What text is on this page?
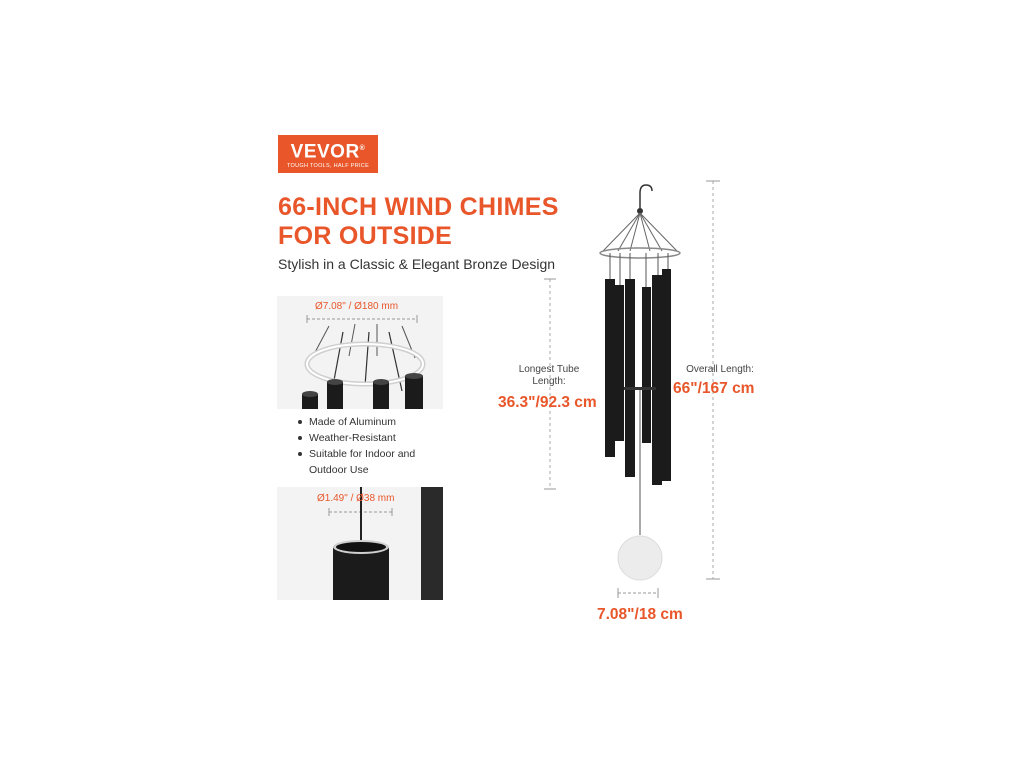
VEVOR®
TOUGH TOOLS, HALF PRICE
66-INCH WIND CHIMES
FOR OUTSIDE
Stylish in a Classic & Elegant Bronze Design
Ø7.08" / Ø180 mm
Made of Aluminum
Weather-Resistant
Suitable for Indoor and Outdoor Use
Ø1.49" / Ø38 mm
Longest Tube Length:
36.3"/92.3 cm
Overall Length:
66"/167 cm
7.08"/18 cm
